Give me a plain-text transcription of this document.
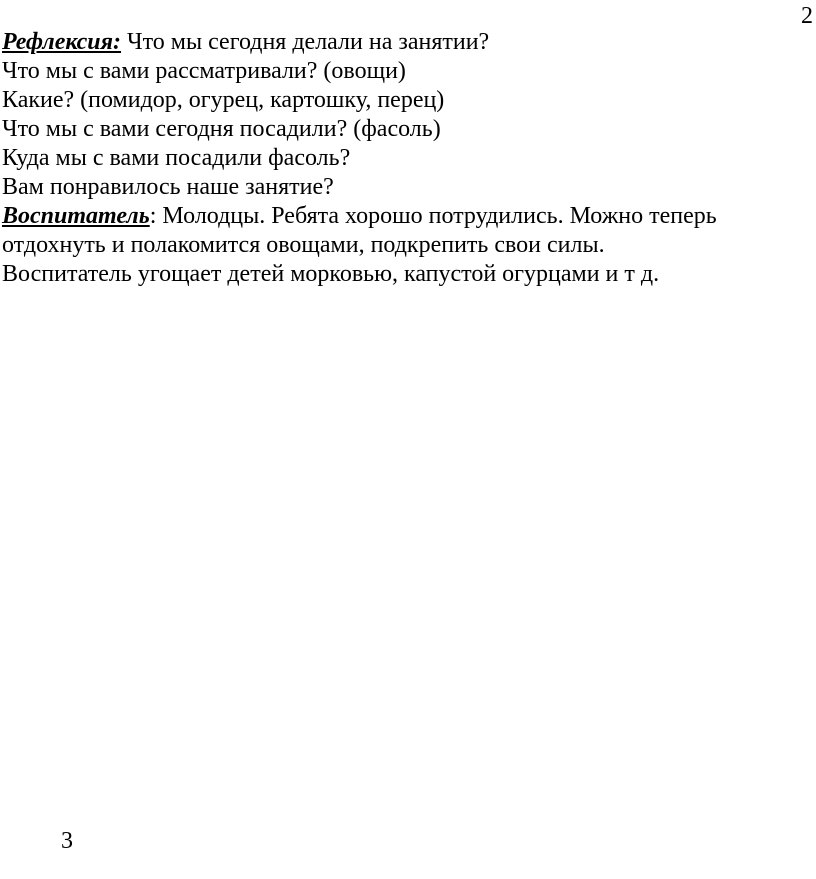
2
Рефлексия: Что мы сегодня делали на занятии?
Что мы с вами рассматривали? (овощи)
Какие? (помидор, огурец, картошку, перец)
Что мы с вами сегодня посадили? (фасоль)
Куда мы с вами посадили фасоль?
Вам понравилось наше занятие?
Воспитатель: Молодцы. Ребята хорошо потрудились. Можно теперь
отдохнуть и полакомится овощами, подкрепить свои силы.
Воспитатель угощает детей морковью, капустой огурцами и т д.
3
